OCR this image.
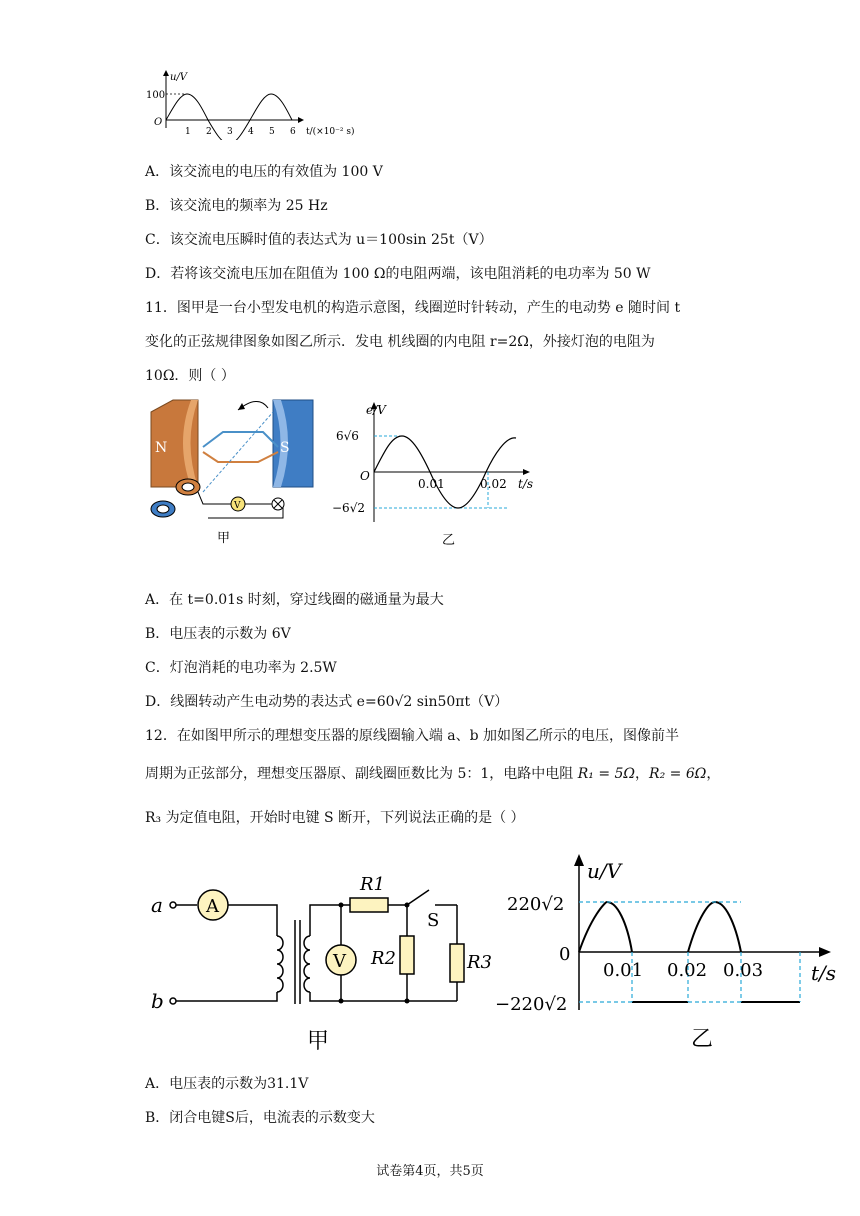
u/V
100
O
1 2 3 4 5 6 t/(×10⁻² s)
A．该交流电的电压的有效值为 100 V
B．该交流电的频率为 25 Hz
C．该交流电压瞬时值的表达式为 u＝100sin 25t（V）
D．若将该交流电压加在阻值为 100 Ω的电阻两端，该电阻消耗的电功率为 50 W
11．图甲是一台小型发电机的构造示意图，线圈逆时针转动，产生的电动势 e 随时间 t
变化的正弦规律图象如图乙所示．发电 机线圈的内电阻 r=2Ω，外接灯泡的电阻为
10Ω．则（ ）
N	S
V
甲
e/V
6√6
−6√2
O
0.01	0.02 t/s
乙
A．在 t=0.01s 时刻，穿过线圈的磁通量为最大
B．电压表的示数为 6V
C．灯泡消耗的电功率为 2.5W
D．线圈转动产生电动势的表达式 e=60√2 sin50πt（V）
12．在如图甲所示的理想变压器的原线圈输入端 a、b 加如图乙所示的电压，图像前半
周期为正弦部分，理想变压器原、副线圈匝数比为 5：1，电路中电阻 R₁ = 5Ω，R₂ = 6Ω，
R₃ 为定值电阻，开始时电键 S 断开，下列说法正确的是（ ）
A
V
a
b
R1
R2	R3
S
甲
u/V
220√2
0
−220√2
0.01 0.02 0.03 t/s
乙
A．电压表的示数为31.1V
B．闭合电键S后，电流表的示数变大
试卷第4页，共5页
